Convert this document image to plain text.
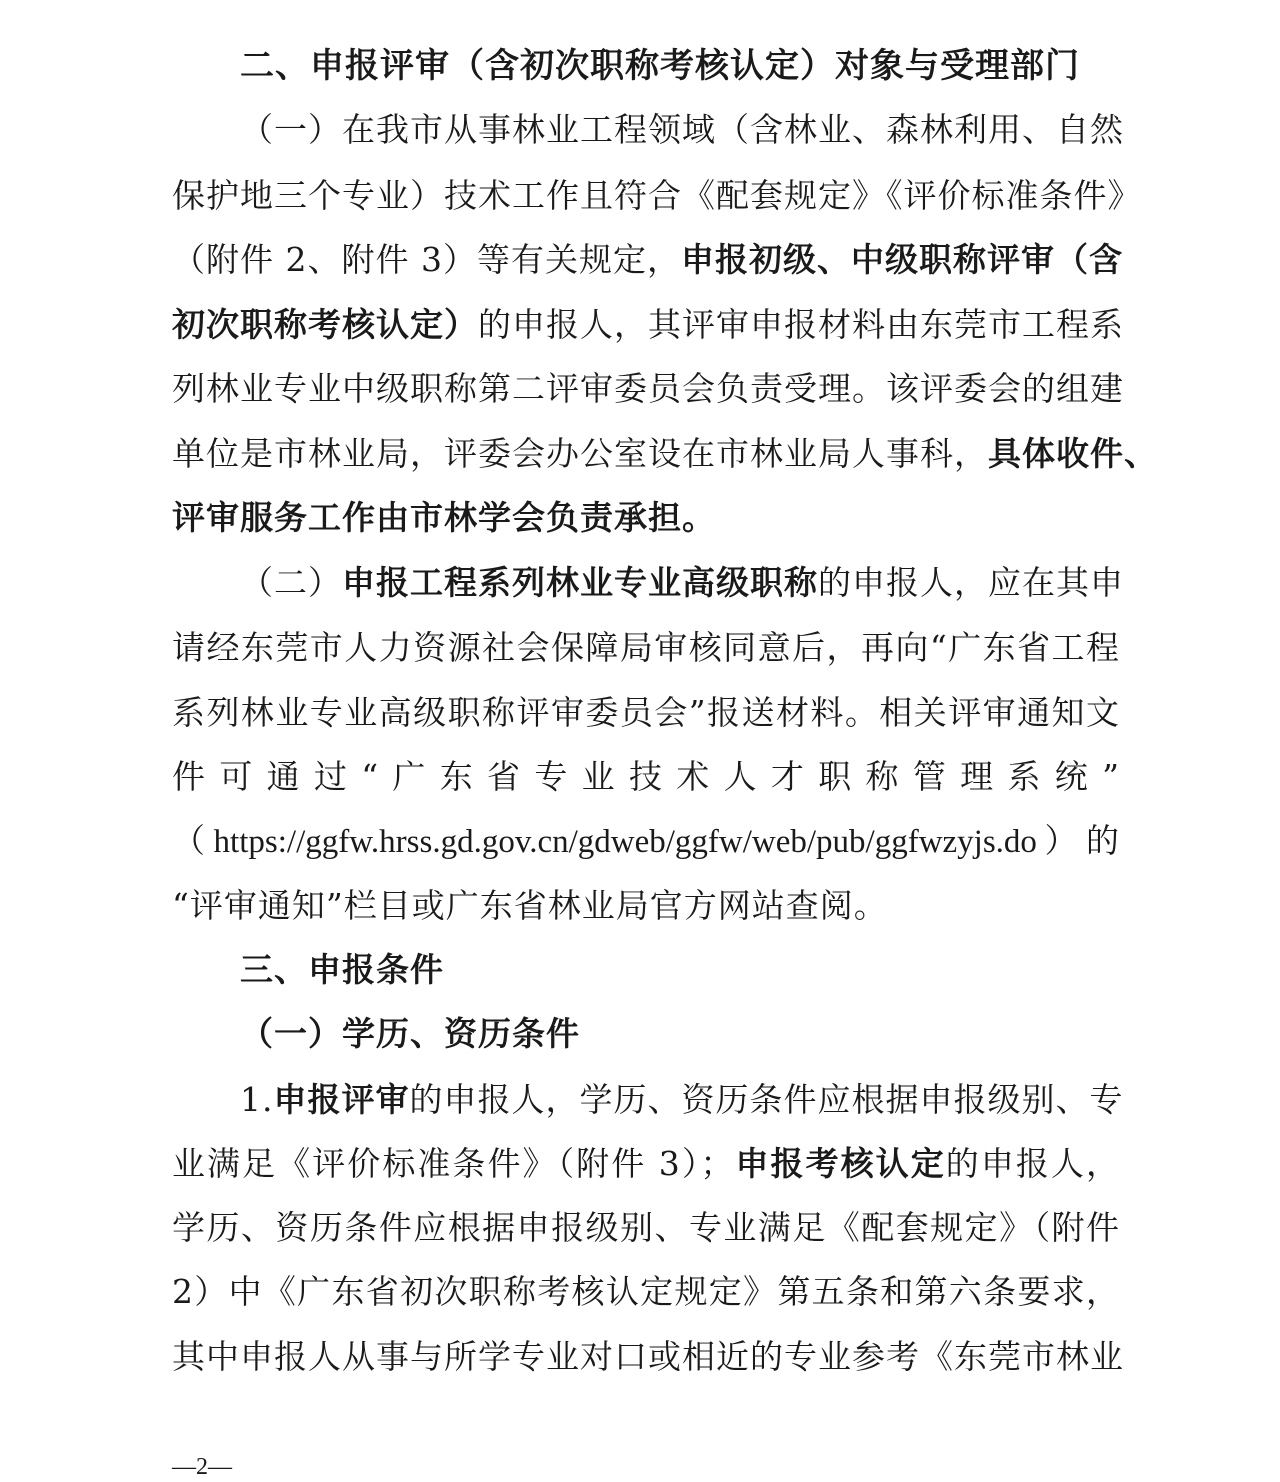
二、申报评审（含初次职称考核认定）对象与受理部门
（一）在我市从事林业工程领域（含林业、森林利用、自然
保护地三个专业）技术工作且符合《配套规定》《评价标准条件》
（附件 2、附件 3）等有关规定，申报初级、中级职称评审（含
初次职称考核认定）的申报人，其评审申报材料由东莞市工程系
列林业专业中级职称第二评审委员会负责受理。该评委会的组建
单位是市林业局，评委会办公室设在市林业局人事科，具体收件、
评审服务工作由市林学会负责承担。
（二）申报工程系列林业专业高级职称的申报人，应在其申
请经东莞市人力资源社会保障局审核同意后，再向“广东省工程
系列林业专业高级职称评审委员会”报送材料。相关评审通知文
件可通过“广东省专业技术人才职称管理系统”
（https://ggfw.hrss.gd.gov.cn/gdweb/ggfw/web/pub/ggfwzyjs.do）的
“评审通知”栏目或广东省林业局官方网站查阅。
三、申报条件
（一）学历、资历条件
1.申报评审的申报人，学历、资历条件应根据申报级别、专
业满足《评价标准条件》（附件 3）；申报考核认定的申报人，
学历、资历条件应根据申报级别、专业满足《配套规定》（附件
2）中《广东省初次职称考核认定规定》第五条和第六条要求，
其中申报人从事与所学专业对口或相近的专业参考《东莞市林业
—2—
